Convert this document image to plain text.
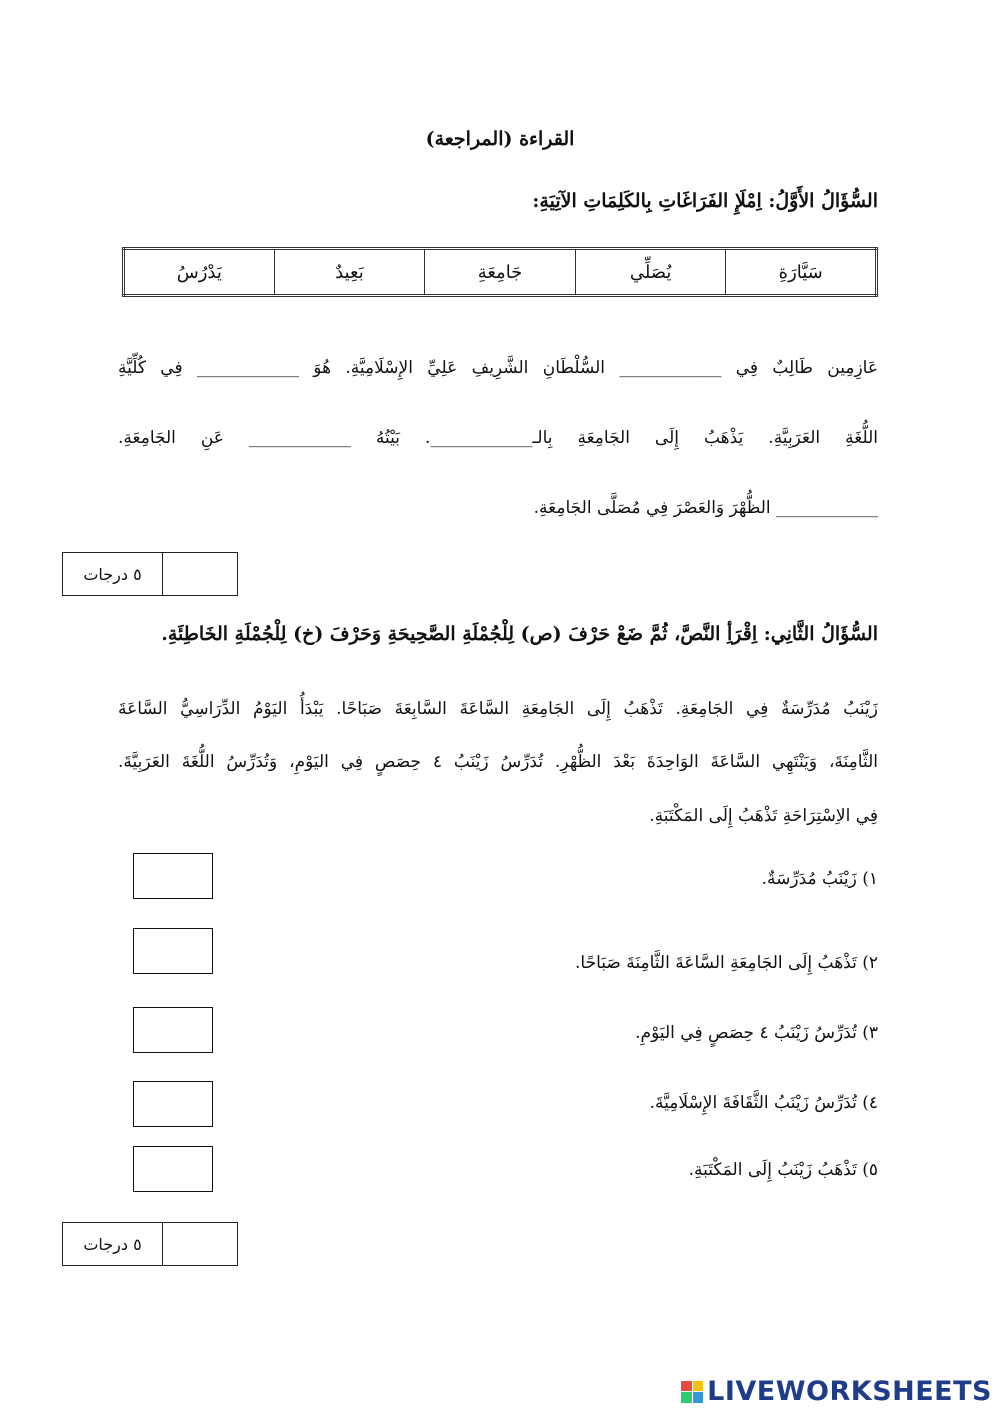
القراءة (المراجعة)
السُّؤَالُ الأَوَّلُ: اِمْلَإِ الفَرَاغَاتِ بِالكَلِمَاتِ الآتِيَةِ:
سَيَّارَةِ	يُصَلِّي	جَامِعَةِ	بَعِيدٌ	يَدْرُسُ
عَازِمِين طَالِبٌ فِي ____________ السُّلْطَانِ الشَّرِيفِ عَلِيِّ الإِسْلَامِيَّةِ. هُوَ ____________ فِي كُلِّيَّةِ
اللُّغَةِ العَرَبِيَّةِ. يَذْهَبُ إِلَى الجَامِعَةِ بِالـ____________. بَيْتُهُ ____________ عَنِ الجَامِعَةِ.
____________ الظُّهْرَ وَالعَصْرَ فِي مُصَلَّى الجَامِعَةِ.
٥ درجات
السُّؤَالُ الثَّانِي: اِقْرَأِ النَّصَّ، ثُمَّ ضَعْ حَرْفَ (ص) لِلْجُمْلَةِ الصَّحِيحَةِ وَحَرْفَ (خ) لِلْجُمْلَةِ الخَاطِئَةِ.
زَيْنَبُ مُدَرِّسَةٌ فِي الجَامِعَةِ. تَذْهَبُ إِلَى الجَامِعَةِ السَّاعَةَ السَّابِعَةَ صَبَاحًا. يَبْدَأُ اليَوْمُ الدِّرَاسِيُّ السَّاعَةَ
الثَّامِنَةَ، وَيَنْتَهِي السَّاعَةَ الوَاحِدَةَ بَعْدَ الظُّهْرِ. تُدَرِّسُ زَيْنَبُ ٤ حِصَصٍ فِي اليَوْمِ، وَتُدَرِّسُ اللُّغَةَ العَرَبِيَّةَ.
فِي الاِسْتِرَاحَةِ تَذْهَبُ إِلَى المَكْتَبَةِ.
١) زَيْنَبُ مُدَرِّسَةٌ.
٢) تَذْهَبُ إِلَى الجَامِعَةِ السَّاعَةَ الثَّامِنَةَ صَبَاحًا.
٣) تُدَرِّسُ زَيْنَبُ ٤ حِصَصٍ فِي اليَوْمِ.
٤) تُدَرِّسُ زَيْنَبُ الثَّقَافَةَ الإِسْلَامِيَّةَ.
٥) تَذْهَبُ زَيْنَبُ إِلَى المَكْتَبَةِ.
٥ درجات
LIVEWORKSHEETS
